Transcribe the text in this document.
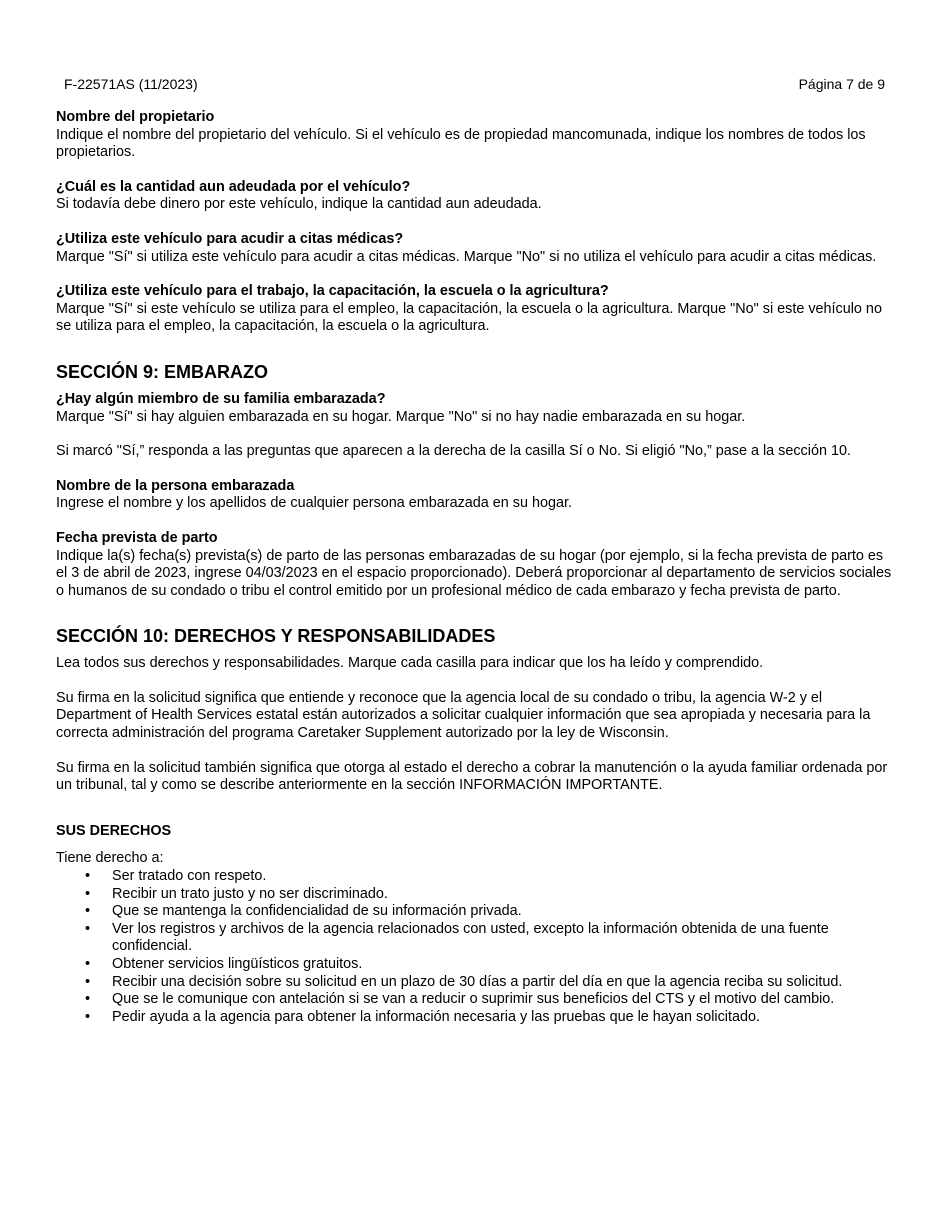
F-22571AS (11/2023)	Página 7 de 9

Nombre del propietario

Indique el nombre del propietario del vehículo. Si el vehículo es de propiedad mancomunada, indique los nombres de todos los propietarios.

¿Cuál es la cantidad aun adeudada por el vehículo?

Si todavía debe dinero por este vehículo, indique la cantidad aun adeudada.

¿Utiliza este vehículo para acudir a citas médicas?

Marque "Sí" si utiliza este vehículo para acudir a citas médicas. Marque "No" si no utiliza el vehículo para acudir a citas médicas.

¿Utiliza este vehículo para el trabajo, la capacitación, la escuela o la agricultura?

Marque "Sí" si este vehículo se utiliza para el empleo, la capacitación, la escuela o la agricultura. Marque "No" si este vehículo no se utiliza para el empleo, la capacitación, la escuela o la agricultura.

SECCIÓN 9: EMBARAZO

¿Hay algún miembro de su familia embarazada?

Marque "Sí" si hay alguien embarazada en su hogar. Marque "No" si no hay nadie embarazada en su hogar.

Si marcó "Sí,” responda a las preguntas que aparecen a la derecha de la casilla Sí o No. Si eligió "No,” pase a la sección 10.

Nombre de la persona embarazada

Ingrese el nombre y los apellidos de cualquier persona embarazada en su hogar.

Fecha prevista de parto

Indique la(s) fecha(s) prevista(s) de parto de las personas embarazadas de su hogar (por ejemplo, si la fecha prevista de parto es el 3 de abril de 2023, ingrese 04/03/2023 en el espacio proporcionado). Deberá proporcionar al departamento de servicios sociales o humanos de su condado o tribu el control emitido por un profesional médico de cada embarazo y fecha prevista de parto.

SECCIÓN 10: DERECHOS Y RESPONSABILIDADES

Lea todos sus derechos y responsabilidades. Marque cada casilla para indicar que los ha leído y comprendido.

Su firma en la solicitud significa que entiende y reconoce que la agencia local de su condado o tribu, la agencia W-2 y el Department of Health Services estatal están autorizados a solicitar cualquier información que sea apropiada y necesaria para la correcta administración del programa Caretaker Supplement autorizado por la ley de Wisconsin.

Su firma en la solicitud también significa que otorga al estado el derecho a cobrar la manutención o la ayuda familiar ordenada por un tribunal, tal y como se describe anteriormente en la sección INFORMACIÓN IMPORTANTE.

SUS DERECHOS

Tiene derecho a:

• Ser tratado con respeto.
• Recibir un trato justo y no ser discriminado.
• Que se mantenga la confidencialidad de su información privada.
• Ver los registros y archivos de la agencia relacionados con usted, excepto la información obtenida de una fuente confidencial.
• Obtener servicios lingüísticos gratuitos.
• Recibir una decisión sobre su solicitud en un plazo de 30 días a partir del día en que la agencia reciba su solicitud.
• Que se le comunique con antelación si se van a reducir o suprimir sus beneficios del CTS y el motivo del cambio.
• Pedir ayuda a la agencia para obtener la información necesaria y las pruebas que le hayan solicitado.
